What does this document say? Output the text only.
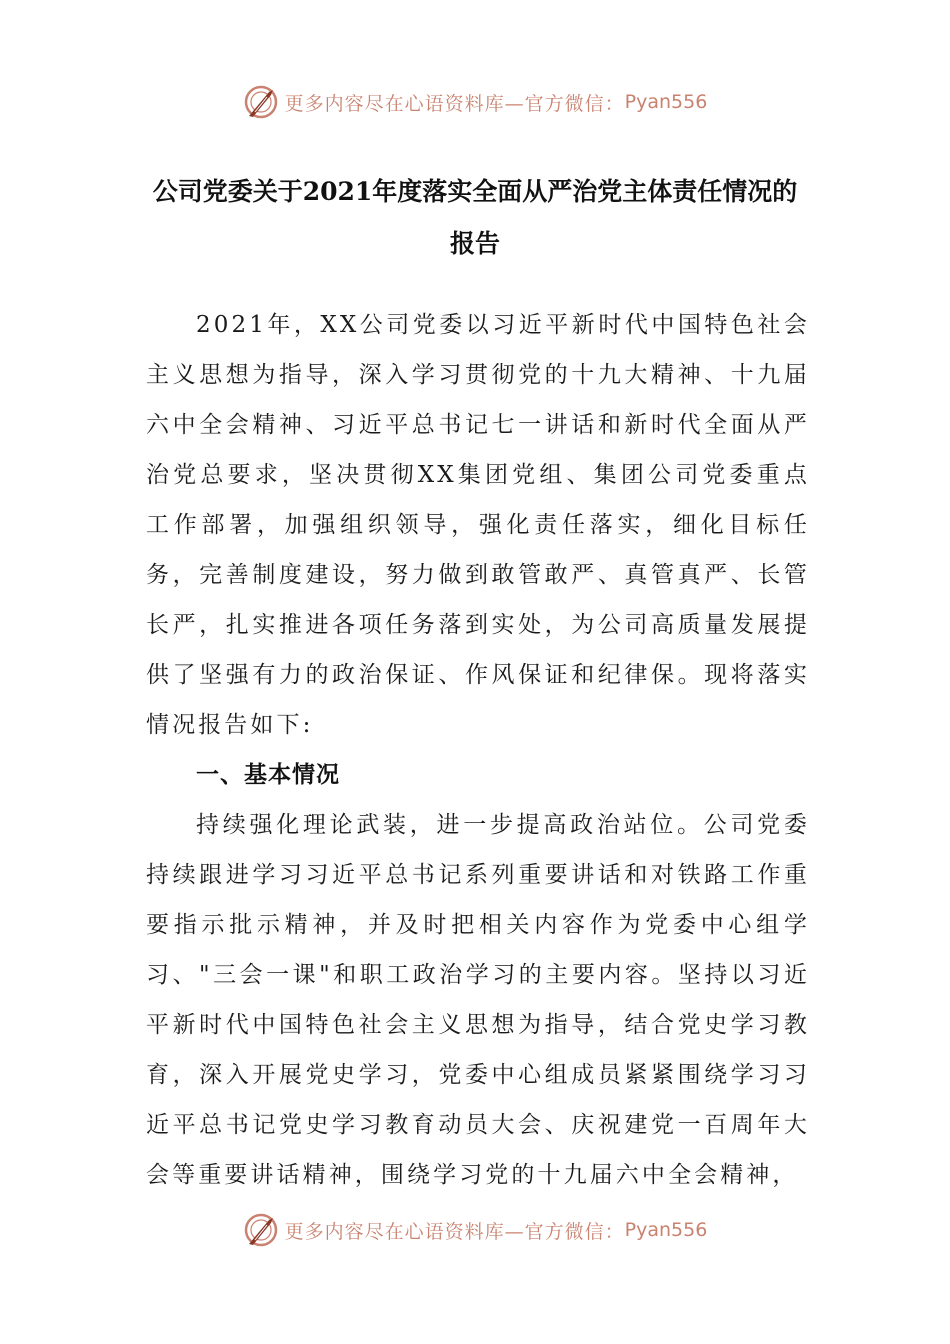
更多内容尽在心语资料库—官方微信： Pyan556
公司党委关于2021年度落实全面从严治党主体责任情况的
报告

2021年，XX公司党委以习近平新时代中国特色社会主义思想为指导，深入学习贯彻党的十九大精神、十九届六中全会精神、习近平总书记七一讲话和新时代全面从严治党总要求，坚决贯彻XX集团党组、集团公司党委重点工作部署，加强组织领导，强化责任落实，细化目标任务，完善制度建设，努力做到敢管敢严、真管真严、长管长严，扎实推进各项任务落到实处，为公司高质量发展提供了坚强有力的政治保证、作风保证和纪律保。现将落实情况报告如下:

一、基本情况

持续强化理论武装，进一步提高政治站位。公司党委持续跟进学习习近平总书记系列重要讲话和对铁路工作重要指示批示精神，并及时把相关内容作为党委中心组学习、"三会一课"和职工政治学习的主要内容。坚持以习近平新时代中国特色社会主义思想为指导，结合党史学习教育，深入开展党史学习，党委中心组成员紧紧围绕学习习近平总书记党史学习教育动员大会、庆祝建党一百周年大会等重要讲话精神，围绕学习党的十九届六中全会精神，

更多内容尽在心语资料库—官方微信： Pyan556
